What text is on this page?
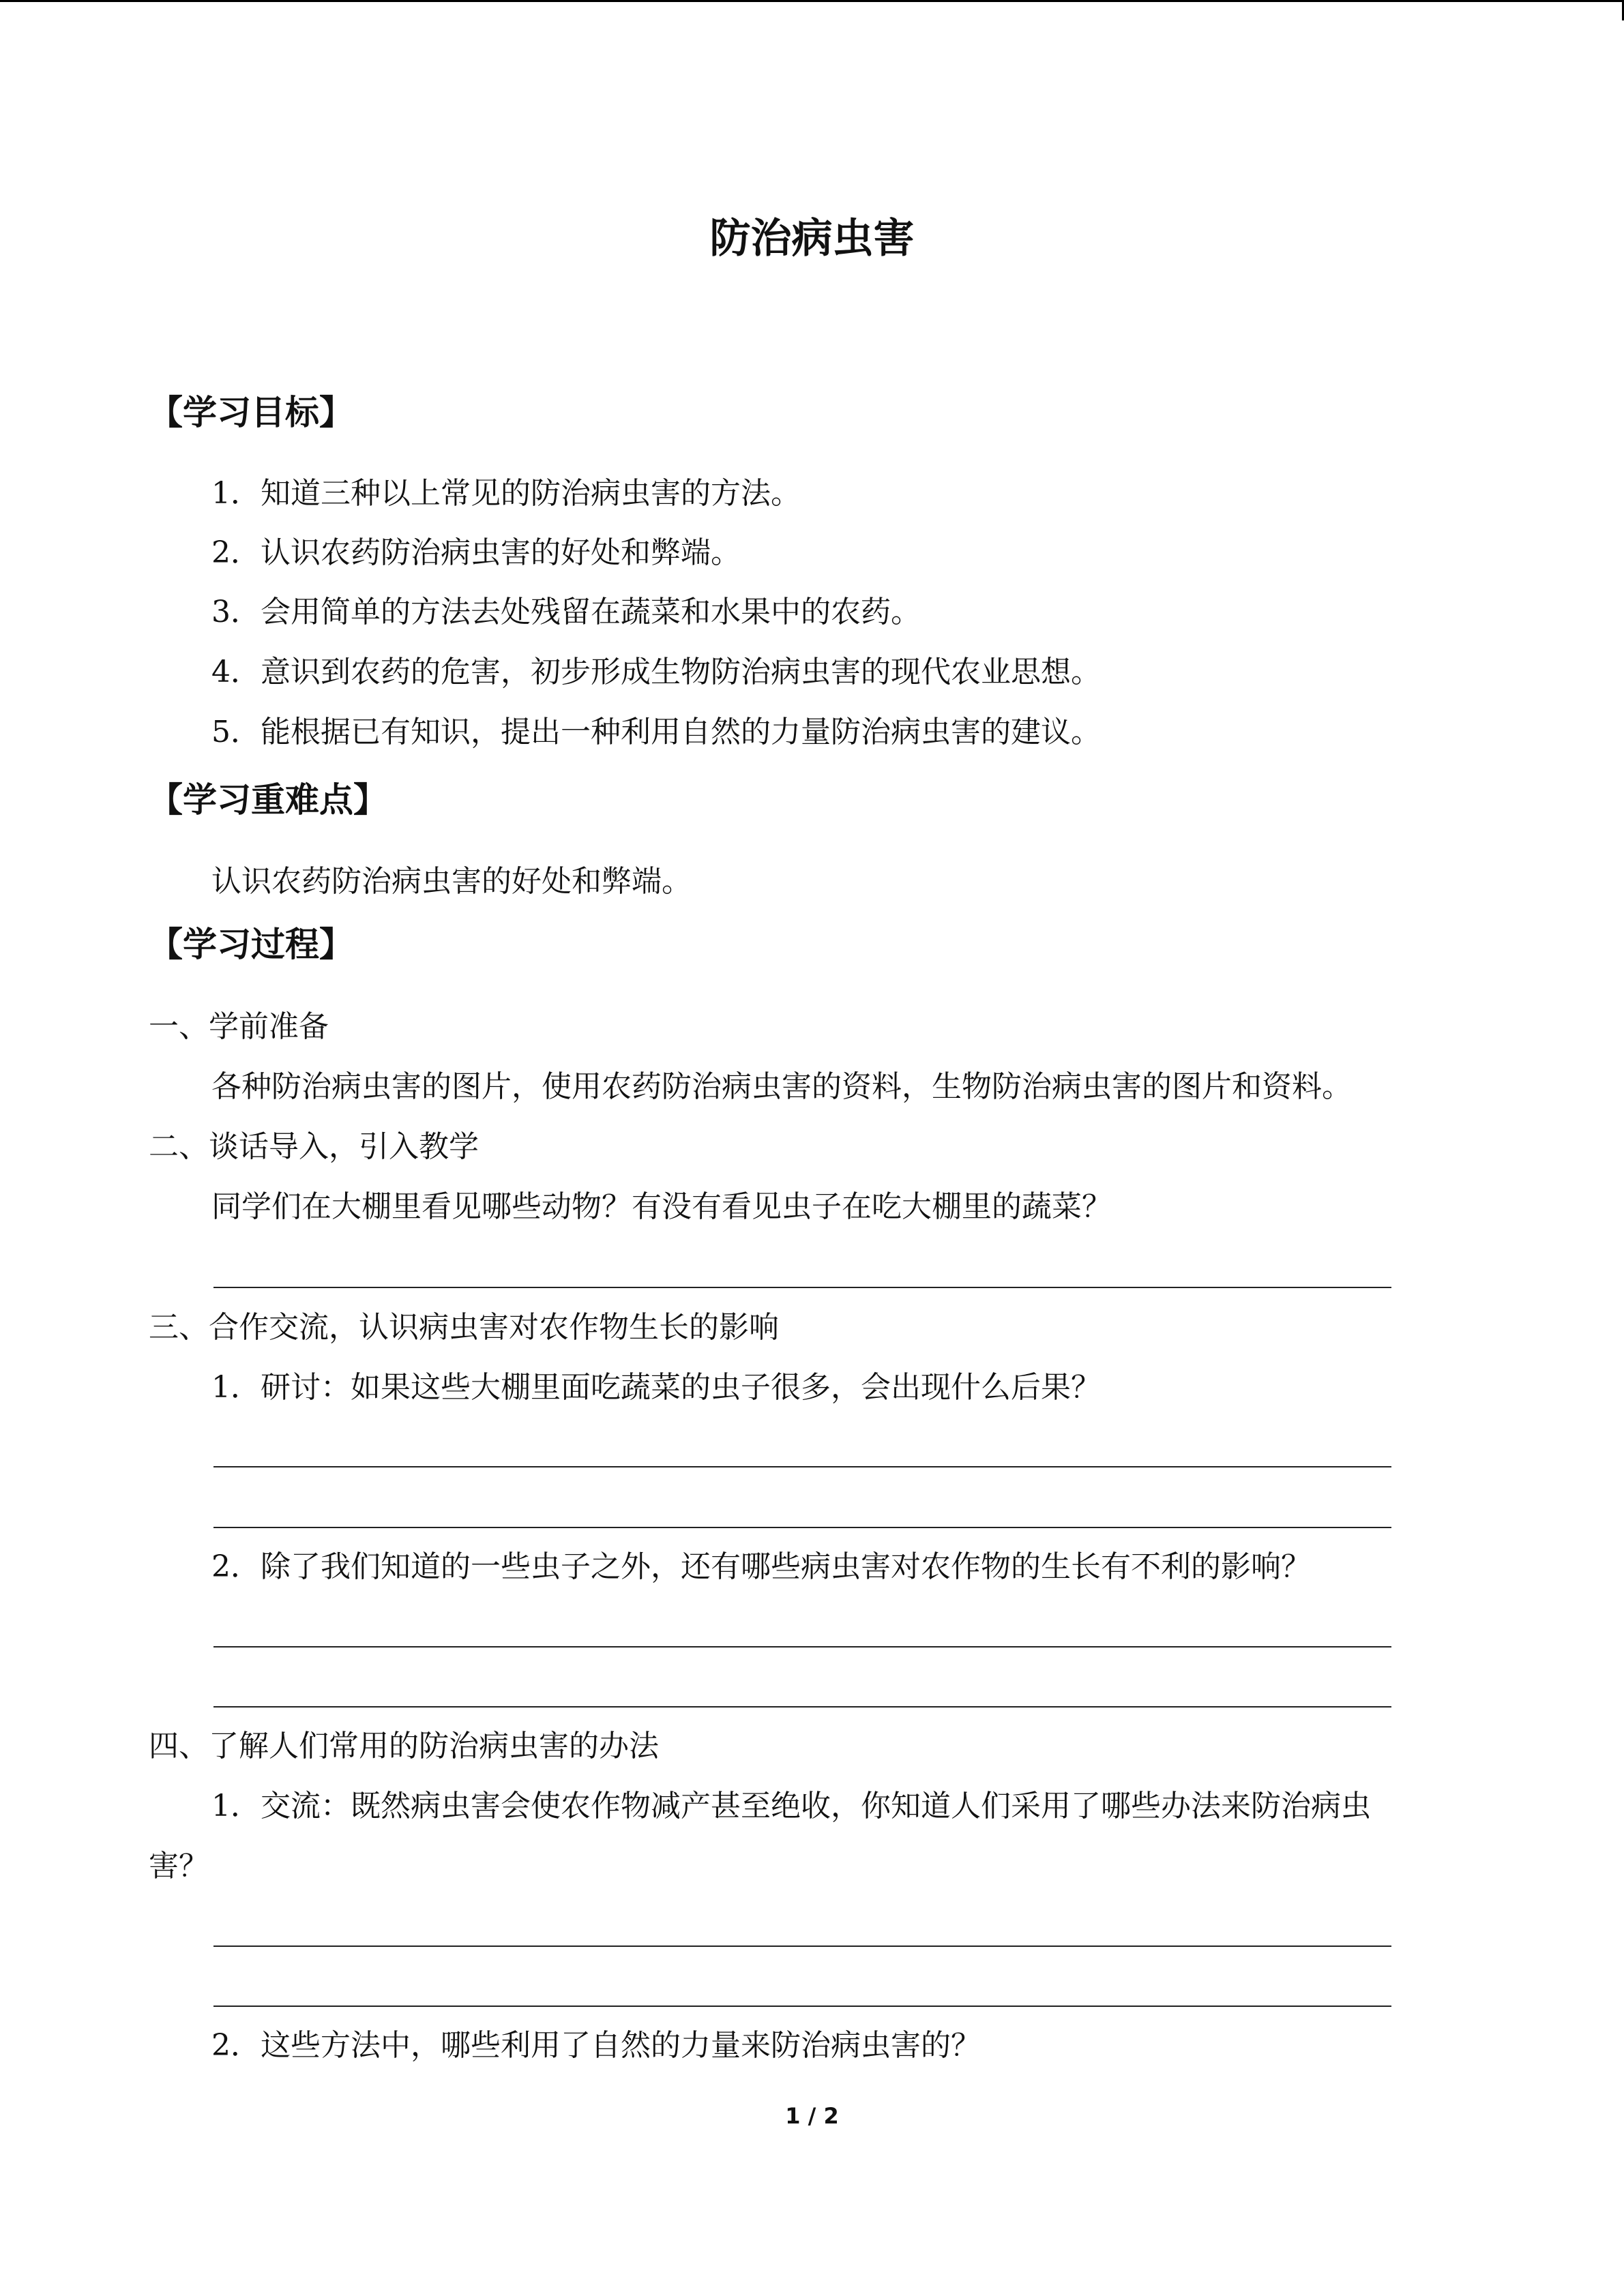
防治病虫害
【学习目标】
1．知道三种以上常见的防治病虫害的方法。
2．认识农药防治病虫害的好处和弊端。
3．会用简单的方法去处残留在蔬菜和水果中的农药。
4．意识到农药的危害，初步形成生物防治病虫害的现代农业思想。
5．能根据已有知识，提出一种利用自然的力量防治病虫害的建议。
【学习重难点】
认识农药防治病虫害的好处和弊端。
【学习过程】
一、学前准备
各种防治病虫害的图片，使用农药防治病虫害的资料，生物防治病虫害的图片和资料。
二、谈话导入，引入教学
同学们在大棚里看见哪些动物？有没有看见虫子在吃大棚里的蔬菜？
三、合作交流，认识病虫害对农作物生长的影响
1．研讨：如果这些大棚里面吃蔬菜的虫子很多，会出现什么后果？
2．除了我们知道的一些虫子之外，还有哪些病虫害对农作物的生长有不利的影响？
四、了解人们常用的防治病虫害的办法
1．交流：既然病虫害会使农作物减产甚至绝收，你知道人们采用了哪些办法来防治病虫
害？
2．这些方法中，哪些利用了自然的力量来防治病虫害的？
1 / 2
